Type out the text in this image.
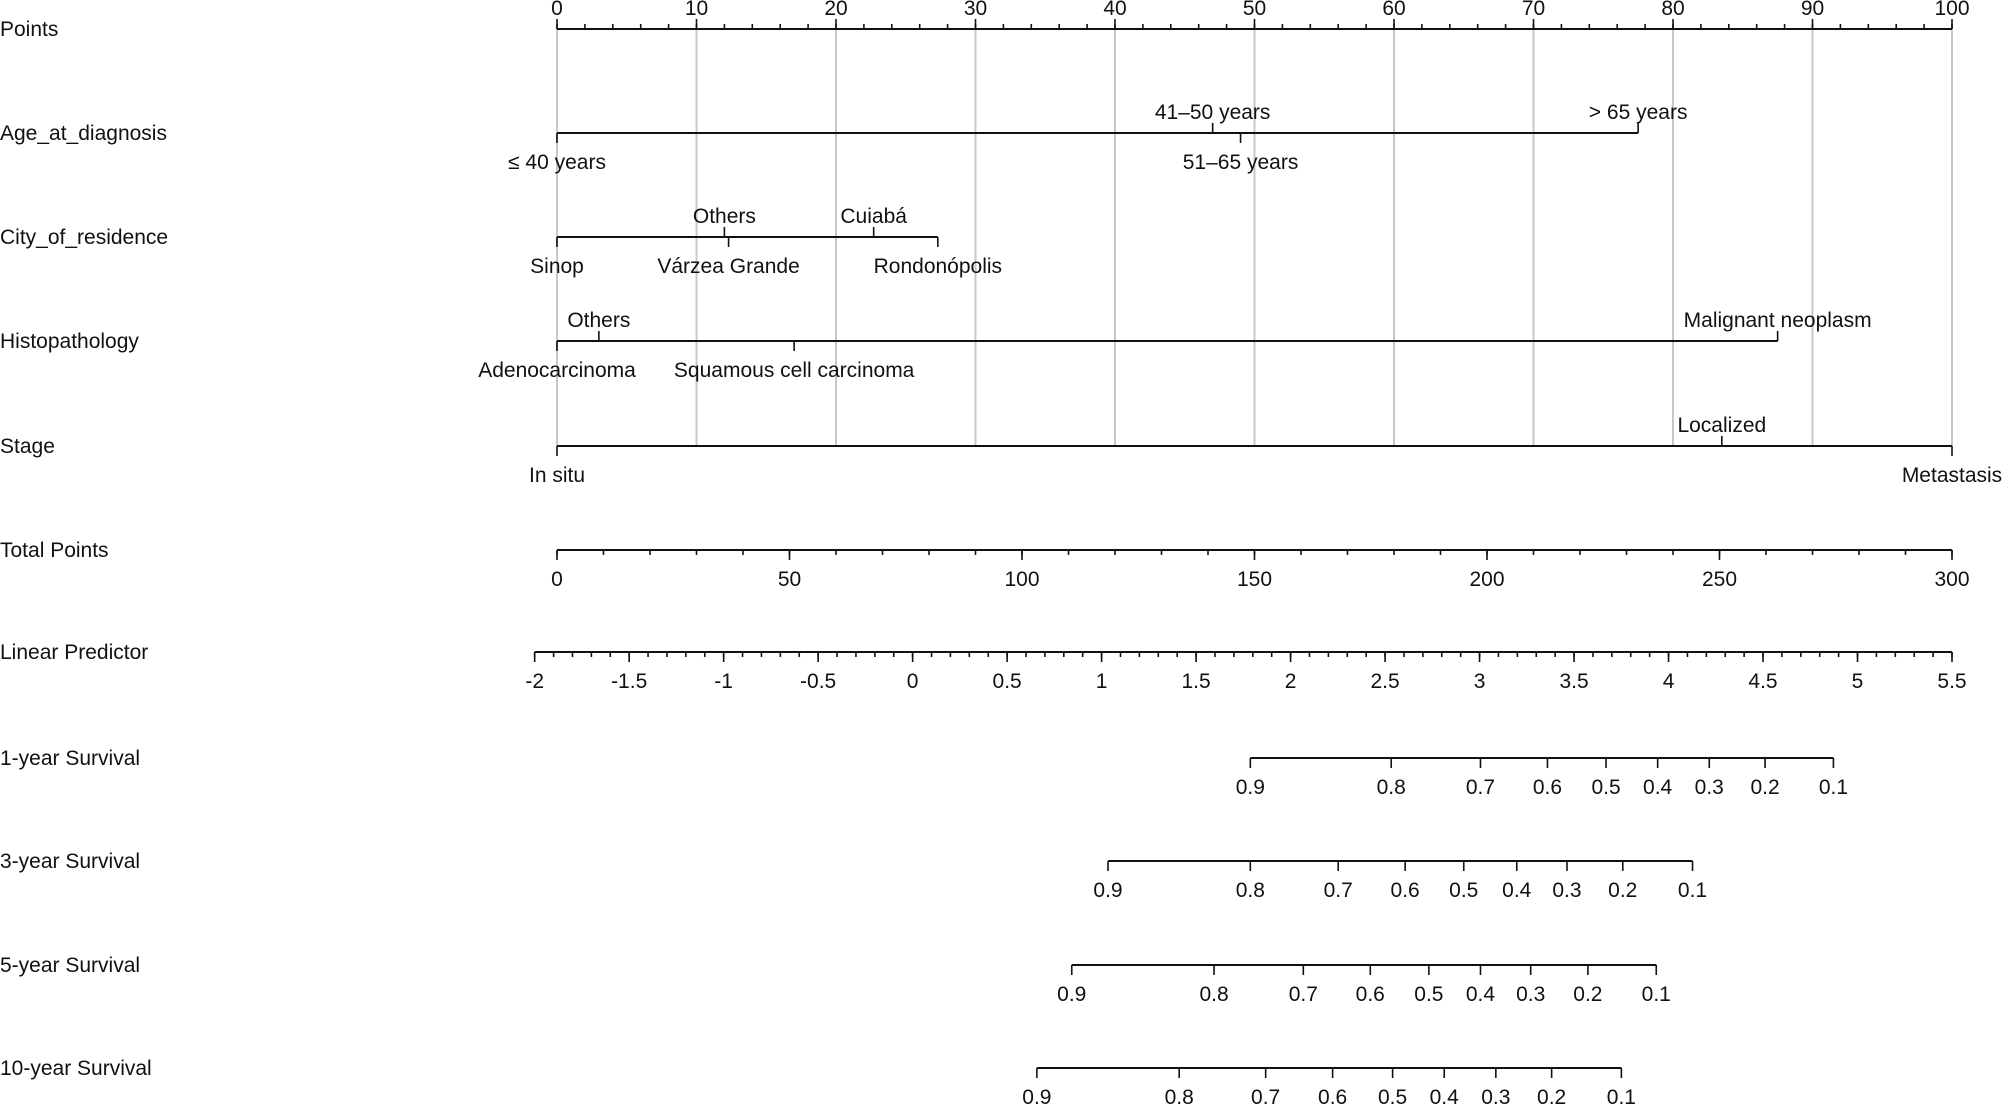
Points
0	10	20	30	40	50	60	70	80	90	100
Age_at_diagnosis
≤ 40 years
41–50 years
51–65 years
> 65 years
City_of_residence
Sinop
Others
Várzea Grande
Cuiabá
Rondonópolis
Histopathology
Adenocarcinoma
Others
Squamous cell carcinoma
Malignant neoplasm
Stage
In situ
Localized
Metastasis
Total Points
0	50	100	150	200	250	300
Linear Predictor
-2	-1.5	-1	-0.5	0	0.5	1	1.5	2	2.5	3	3.5	4	4.5	5	5.5
1-year Survival
0.9	0.8	0.7 0.6 0.5 0.4 0.3 0.2 0.1
3-year Survival
0.9	0.8	0.7 0.6 0.5 0.4 0.3 0.2 0.1
5-year Survival
0.9	0.8	0.7 0.6 0.5 0.4 0.3 0.2 0.1
10-year Survival
0.9	0.8	0.7 0.6 0.5 0.4 0.3 0.2 0.1
